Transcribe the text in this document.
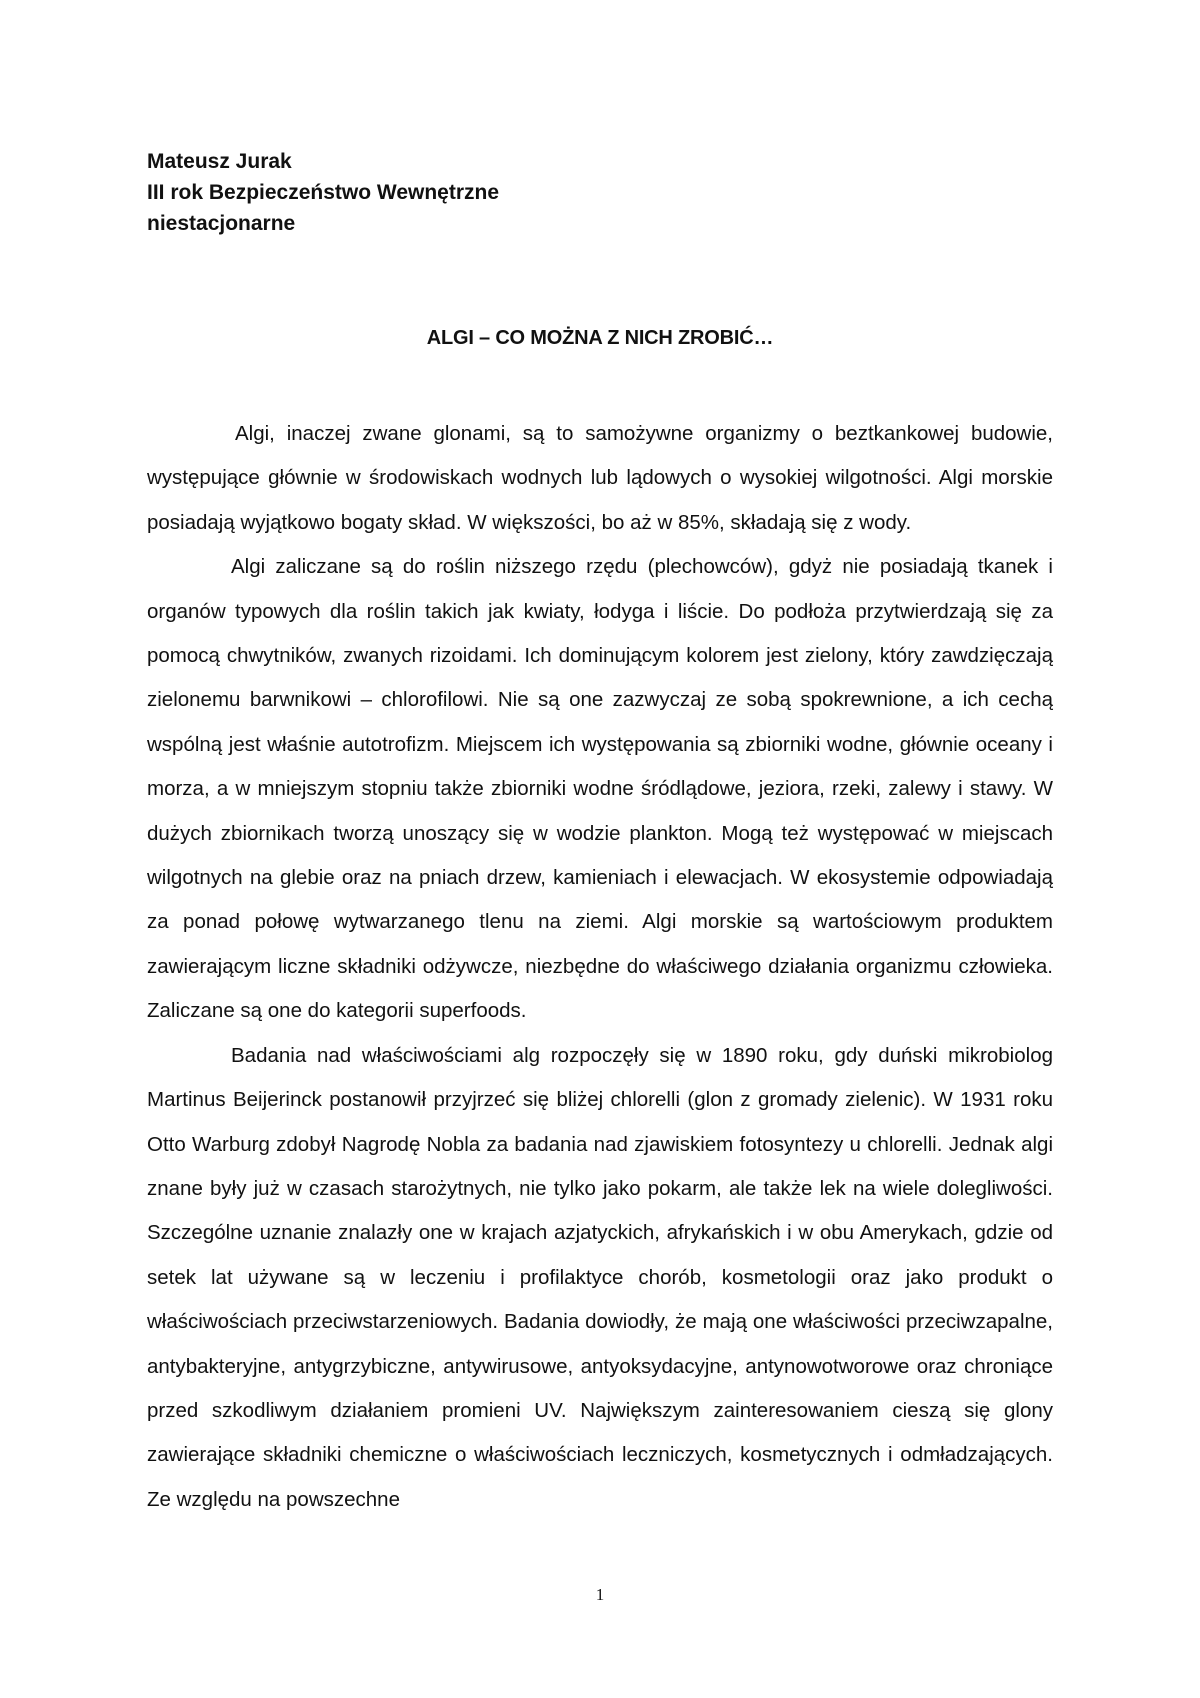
Mateusz Jurak
III rok Bezpieczeństwo Wewnętrzne
niestacjonarne
ALGI – CO MOŻNA Z NICH ZROBIĆ…

Algi, inaczej zwane glonami, są to samożywne organizmy o beztkankowej budowie, występujące głównie w środowiskach wodnych lub lądowych o wysokiej wilgotności. Algi morskie posiadają wyjątkowo bogaty skład. W większości, bo aż w 85%, składają się z wody.

Algi zaliczane są do roślin niższego rzędu (plechowców), gdyż nie posiadają tkanek i organów typowych dla roślin takich jak kwiaty, łodyga i liście. Do podłoża przytwierdzają się za pomocą chwytników, zwanych rizoidami. Ich dominującym kolorem jest zielony, który zawdzięczają zielonemu barwnikowi – chlorofilowi. Nie są one zazwyczaj ze sobą spokrewnione, a ich cechą wspólną jest właśnie autotrofizm. Miejscem ich występowania są zbiorniki wodne, głównie oceany i morza, a w mniejszym stopniu także zbiorniki wodne śródlądowe, jeziora, rzeki, zalewy i stawy. W dużych zbiornikach tworzą unoszący się w wodzie plankton. Mogą też występować w miejscach wilgotnych na glebie oraz na pniach drzew, kamieniach i elewacjach. W ekosystemie odpowiadają za ponad połowę wytwarzanego tlenu na ziemi. Algi morskie są wartościowym produktem zawierającym liczne składniki odżywcze, niezbędne do właściwego działania organizmu człowieka. Zaliczane są one do kategorii superfoods.

Badania nad właściwościami alg rozpoczęły się w 1890 roku, gdy duński mikrobiolog Martinus Beijerinck postanowił przyjrzeć się bliżej chlorelli (glon z gromady zielenic). W 1931 roku Otto Warburg zdobył Nagrodę Nobla za badania nad zjawiskiem fotosyntezy u chlorelli. Jednak algi znane były już w czasach starożytnych, nie tylko jako pokarm, ale także lek na wiele dolegliwości. Szczególne uznanie znalazły one w krajach azjatyckich, afrykańskich i w obu Amerykach, gdzie od setek lat używane są w leczeniu i profilaktyce chorób, kosmetologii oraz jako produkt o właściwościach przeciwstarzeniowych. Badania dowiodły, że mają one właściwości przeciwzapalne, antybakteryjne, antygrzybiczne, antywirusowe, antyoksydacyjne, antynowotworowe oraz chroniące przed szkodliwym działaniem promieni UV. Największym zainteresowaniem cieszą się glony zawierające składniki chemiczne o właściwościach leczniczych, kosmetycznych i odmładzających. Ze względu na powszechne

1
